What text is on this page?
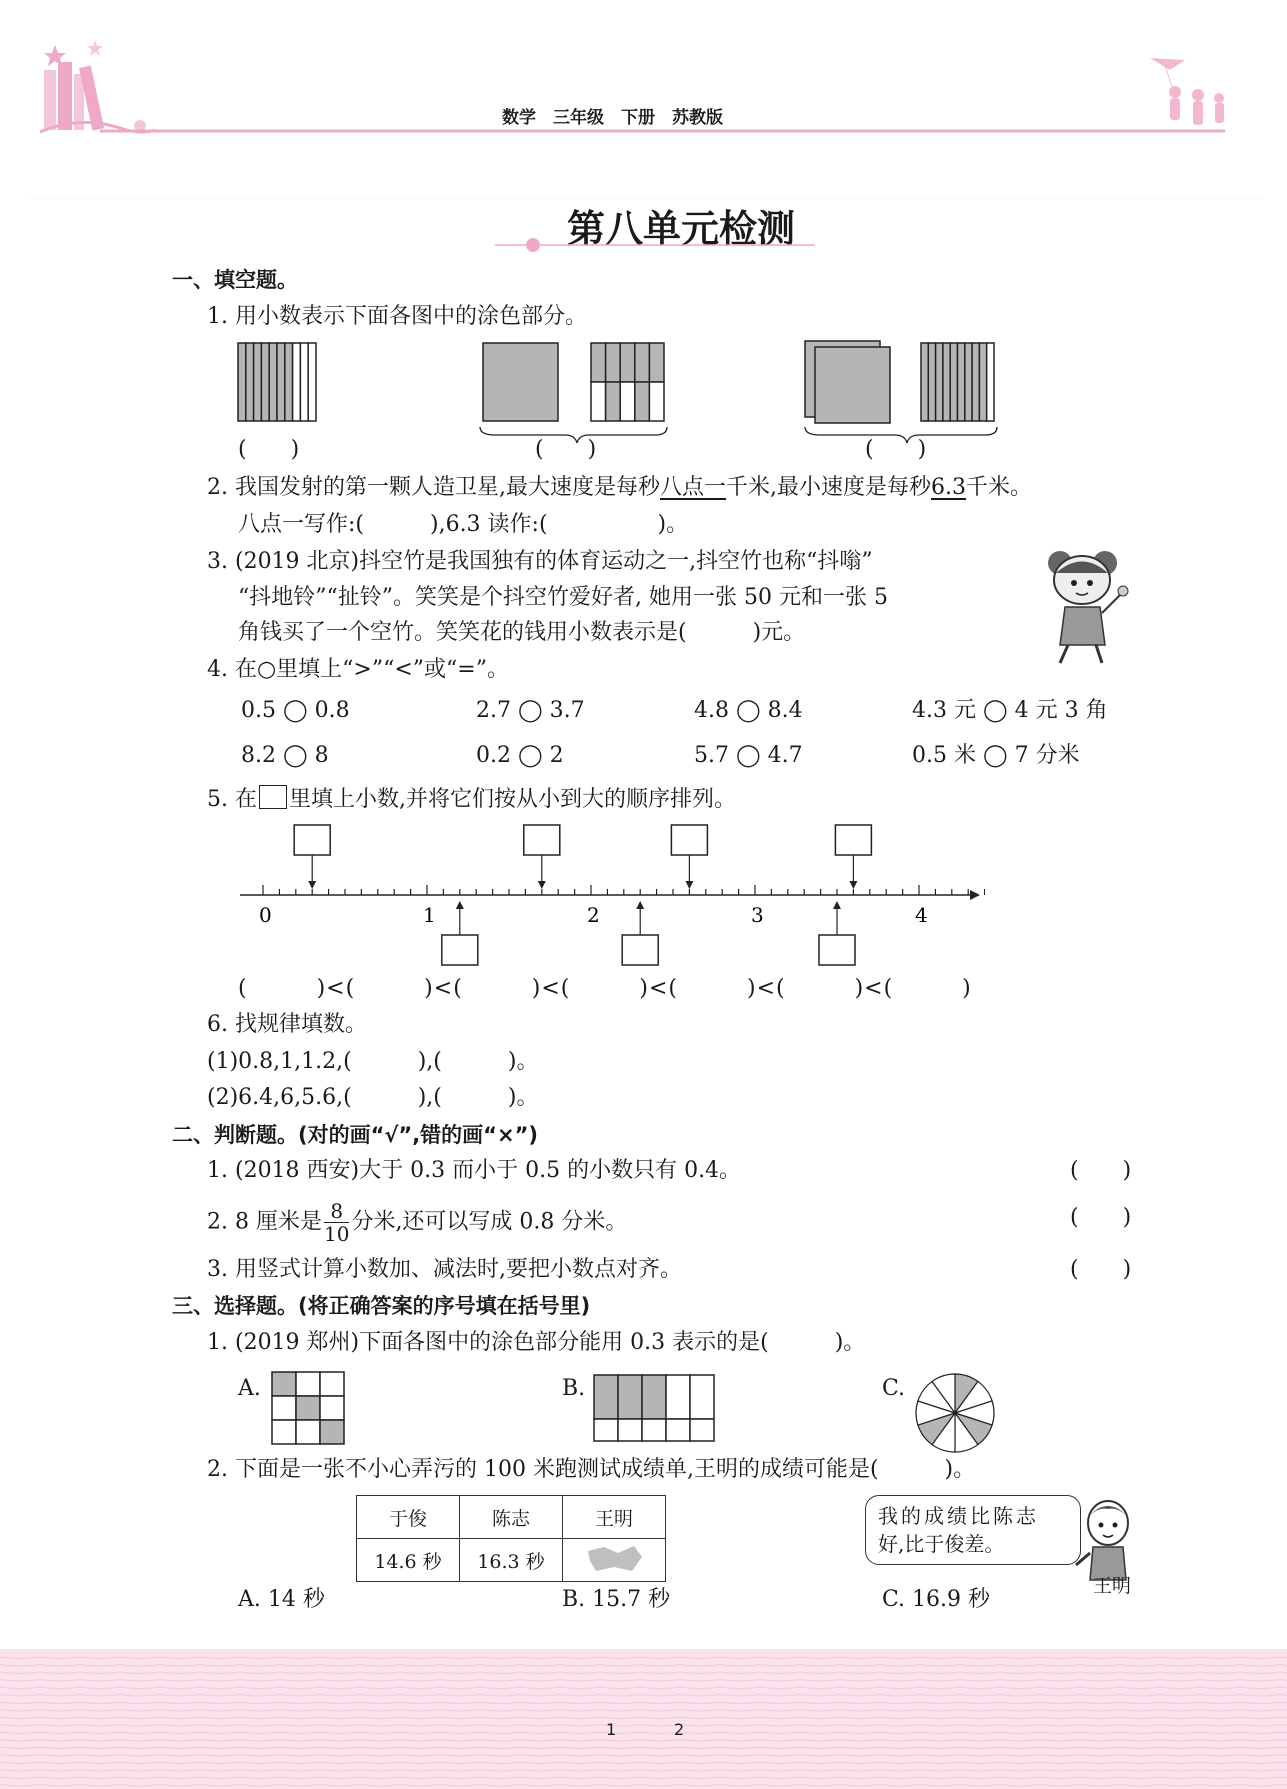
数学　三年级　下册　苏教版
第八单元检测
一、填空题。
1. 用小数表示下面各图中的涂色部分。
(　　)	(　　)	(　　)
2. 我国发射的第一颗人造卫星,最大速度是每秒八点一千米,最小速度是每秒6.3千米。
八点一写作:(　　　),6.3 读作:(　　　　　)。
3. (2019 北京)抖空竹是我国独有的体育运动之一,抖空竹也称“抖嗡”
“抖地铃”“扯铃”。笑笑是个抖空竹爱好者, 她用一张 50 元和一张 5
角钱买了一个空竹。笑笑花的钱用小数表示是(　　　)元。
4. 在○里填上“>”“<”或“=”。
0.5 ◯ 0.8	2.7 ◯ 3.7	4.8 ◯ 8.4	4.3 元 ◯ 4 元 3 角
8.2 ◯ 8	0.2 ◯ 2	5.7 ◯ 4.7	0.5 米 ◯ 7 分米
5. 在 里填上小数,并将它们按从小到大的顺序排列。
0	1	2	3	4
(　　　)<(　　　)<(　　　)<(　　　)<(　　　)<(　　　)<(　　　)
6. 找规律填数。
(1)0.8,1,1.2,(　　　),(　　　)。
(2)6.4,6,5.6,(　　　),(　　　)。
二、判断题。(对的画“√”,错的画“×”)
1. (2018 西安)大于 0.3 而小于 0.5 的小数只有 0.4。	(　　)
2. 8 厘米是 $\frac{8}{10}$ 分米,还可以写成 0.8 分米。	(　　)
3. 用竖式计算小数加、减法时,要把小数点对齐。	(　　)
三、选择题。(将正确答案的序号填在括号里)
1. (2019 郑州)下面各图中的涂色部分能用 0.3 表示的是(　　　)。
A.	B.	C.
2. 下面是一张不小心弄污的 100 米跑测试成绩单,王明的成绩可能是(　　　)。
于俊	陈志	王明
14.6 秒	16.3 秒	
我的成绩比陈志
好,比于俊差。
王明
A. 14 秒	B. 15.7 秒	C. 16.9 秒
1	2
